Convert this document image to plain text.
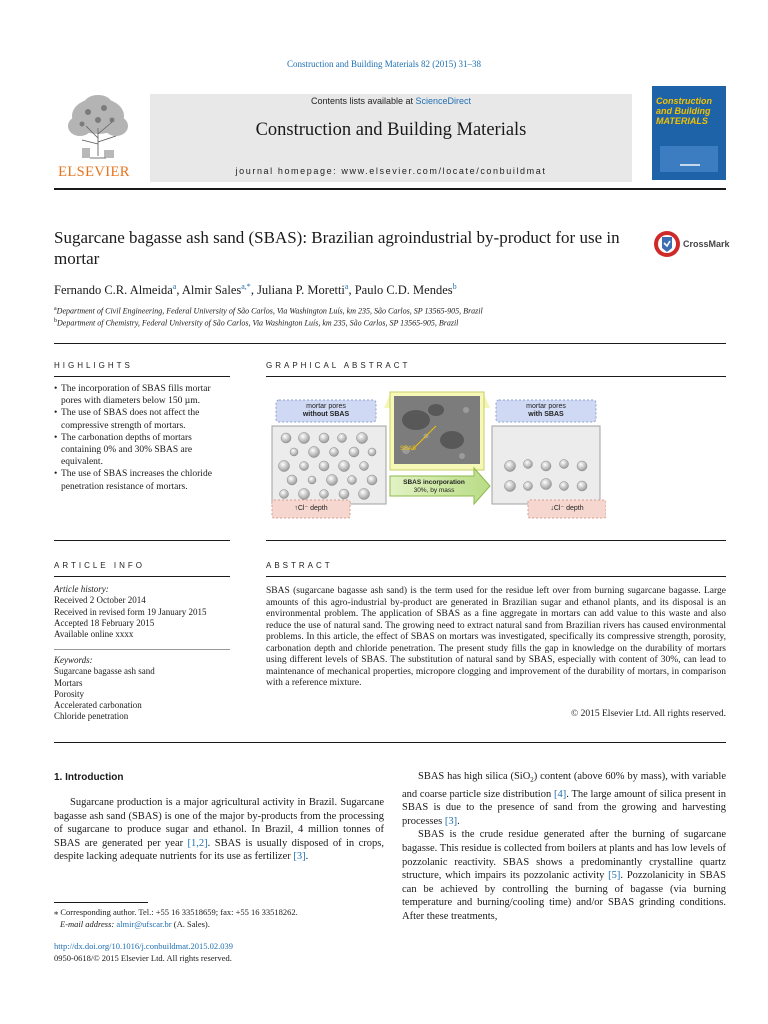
Construction and Building Materials 82 (2015) 31–38
ELSEVIER
Contents lists available at ScienceDirect
Construction and Building Materials
journal homepage: www.elsevier.com/locate/conbuildmat
Construction and Building MATERIALS
Sugarcane bagasse ash sand (SBAS): Brazilian agroindustrial by-product for use in mortar
CrossMark
Fernando C.R. Almeida$^a$, Almir Sales$^{a,*}$, Juliana P. Moretti$^a$, Paulo C.D. Mendes$^b$
$^a$Department of Civil Engineering, Federal University of São Carlos, Via Washington Luís, km 235, São Carlos, SP 13565-905, Brazil
$^b$Department of Chemistry, Federal University of São Carlos, Via Washington Luís, km 235, São Carlos, SP 13565-905, Brazil
HIGHLIGHTS
• The incorporation of SBAS fills mortar pores with diameters below 150 µm.
• The use of SBAS does not affect the compressive strength of mortars.
• The carbonation depths of mortars containing 0% and 30% SBAS are equivalent.
• The use of SBAS increases the chloride penetration resistance of mortars.
GRAPHICAL ABSTRACT
mortar pores
without SBAS
mortar pores
with SBAS
SBAS
SBAS incorporation
30%, by mass
↑Cl⁻ depth	↓Cl⁻ depth
ARTICLE INFO
Article history:
Received 2 October 2014
Received in revised form 19 January 2015
Accepted 18 February 2015
Available online xxxx
Keywords:
Sugarcane bagasse ash sand
Mortars
Porosity
Accelerated carbonation
Chloride penetration
ABSTRACT
SBAS (sugarcane bagasse ash sand) is the term used for the residue left over from burning sugarcane bagasse. Large amounts of this agro-industrial by-product are generated in Brazilian sugar and ethanol plants, and its disposal is an environmental problem. The application of SBAS as a fine aggregate in mortars can add value to this waste and also reduce the use of natural sand. The growing need to extract natural sand from Brazilian rivers has caused environmental problems. In this article, the effect of SBAS on mortars was investigated, specifically its compressive strength, porosity, carbonation depth and chloride penetration. The present study fills the gap in knowledge on the durability of mortars using different levels of SBAS. The substitution of natural sand by SBAS, especially with content of 30%, can lead to maintenance of mechanical properties, micropore clogging and improvement of the durability of mortars, in comparison with a reference mixture.
© 2015 Elsevier Ltd. All rights reserved.
1. Introduction

Sugarcane production is a major agricultural activity in Brazil. Sugarcane bagasse ash sand (SBAS) is one of the major by-products from the processing of sugarcane to produce sugar and ethanol. In Brazil, 4 million tonnes of SBAS are generated per year [1,2]. SBAS is usually disposed of in crops, despite lacking adequate nutrients for its use as fertilizer [3].

⁎ Corresponding author. Tel.: +55 16 33518659; fax: +55 16 33518262.
E-mail address: almir@ufscar.br (A. Sales).
http://dx.doi.org/10.1016/j.conbuildmat.2015.02.039
0950-0618/© 2015 Elsevier Ltd. All rights reserved.

SBAS has high silica (SiO$_2$) content (above 60% by mass), with variable and coarse particle size distribution [4]. The large amount of silica present in SBAS is due to the presence of sand from the growing and harvesting processes [3].

SBAS is the crude residue generated after the burning of sugarcane bagasse. This residue is collected from boilers at plants and has low levels of pozzolanic reactivity. SBAS shows a predominantly crystalline quartz structure, which impairs its pozzolanic activity [5]. Pozzolanicity in SBAS can be achieved by controlling the burning of bagasse (via burning temperature and burning/cooling time) and/or SBAS grinding conditions. After these treatments,
